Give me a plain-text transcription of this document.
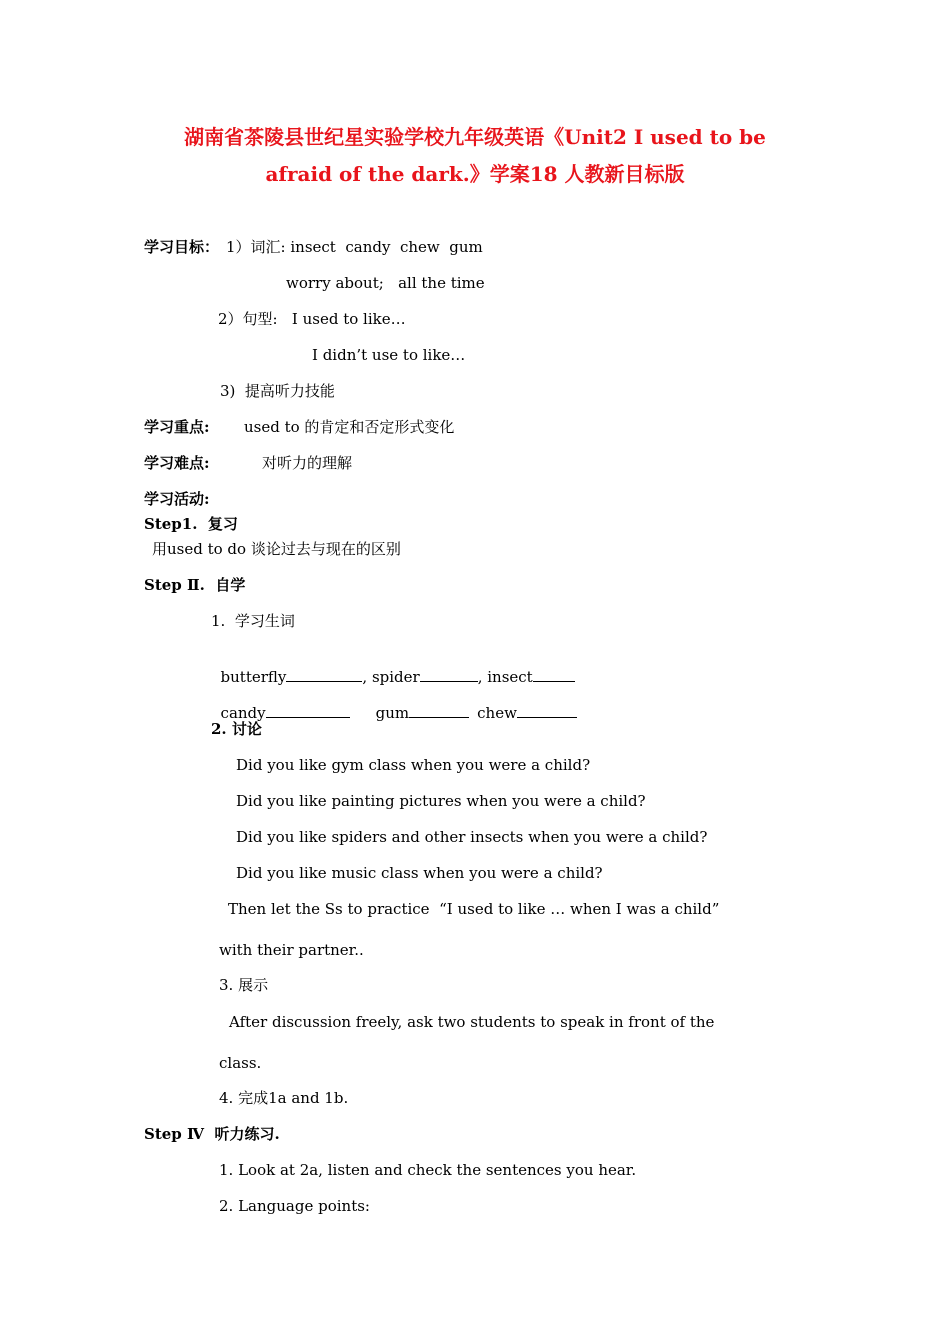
湖南省茶陵县世纪星实验学校九年级英语《Unit2 I used to be
afraid of the dark.》学案18 人教新目标版
学习目标： 1）词汇: insect  candy  chew  gum
worry about;   all the time
2）句型:   I used to like…
I didn’t use to like…
3)  提高听力技能
学习重点: used to 的肯定和否定形式变化
学习难点:	对听力的理解
学习活动:
Step1.  复习
用used to do 谈论过去与现在的区别
Step Ⅱ.  自学
1.  学习生词

butterfly	, spider	, insect

candy	gum	chew

2. 讨论
Did you like gym class when you were a child?
Did you like painting pictures when you were a child?
Did you like spiders and other insects when you were a child?
Did you like music class when you were a child?
Then let the Ss to practice  “I used to like … when I was a child”
with their partner..
3. 展示
After discussion freely, ask two students to speak in front of the
class.
4. 完成1a and 1b.
Step Ⅳ  听力练习.
1. Look at 2a, listen and check the sentences you hear.
2. Language points:
